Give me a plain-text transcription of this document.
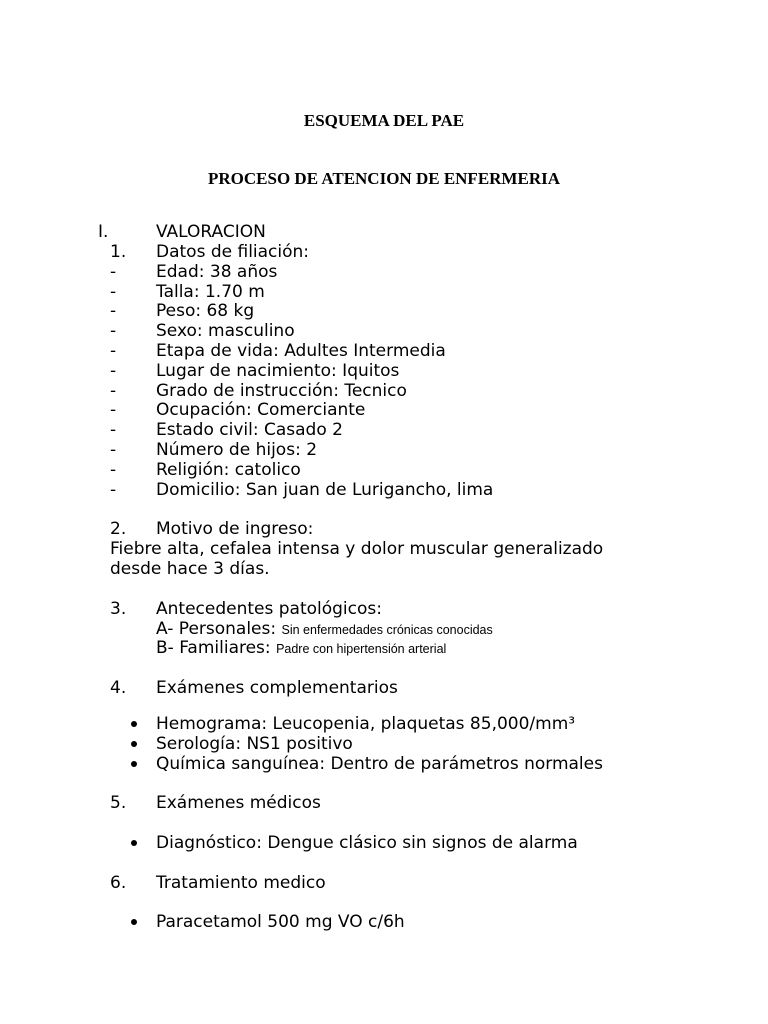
ESQUEMA DEL PAE
PROCESO DE ATENCION DE ENFERMERIA
I.	VALORACION
1. Datos de filiación:
- Edad: 38 años
- Talla: 1.70 m
- Peso: 68 kg
- Sexo: masculino
- Etapa de vida: Adultes Intermedia
- Lugar de nacimiento: Iquitos
- Grado de instrucción: Tecnico
- Ocupación: Comerciante
- Estado civil: Casado 2
- Número de hijos: 2
- Religión: catolico
- Domicilio: San juan de Lurigancho, lima
2. Motivo de ingreso:
Fiebre alta, cefalea intensa y dolor muscular generalizado
desde hace 3 días.
3. Antecedentes patológicos:
A- Personales: Sin enfermedades crónicas conocidas
B- Familiares: Padre con hipertensión arterial
4. Exámenes complementarios
Hemograma: Leucopenia, plaquetas 85,000/mm³
Serología: NS1 positivo
Química sanguínea: Dentro de parámetros normales
5. Exámenes médicos
Diagnóstico: Dengue clásico sin signos de alarma
6. Tratamiento medico
Paracetamol 500 mg VO c/6h
